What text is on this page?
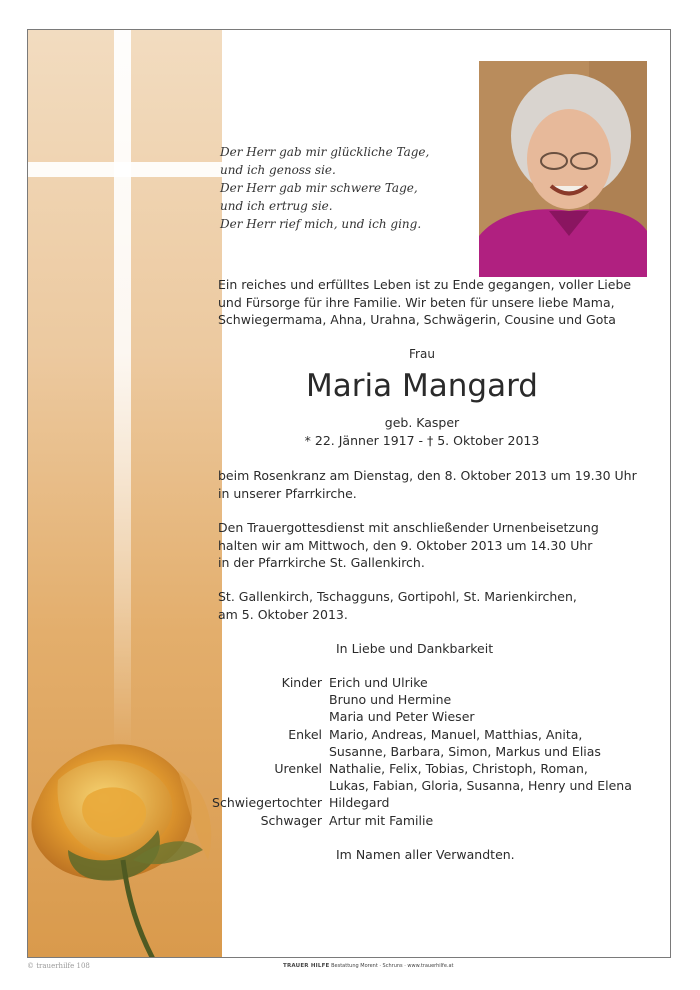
Der Herr gab mir glückliche Tage,
und ich genoss sie.
Der Herr gab mir schwere Tage,
und ich ertrug sie.
Der Herr rief mich, und ich ging.
Ein reiches und erfülltes Leben ist zu Ende gegangen, voller Liebe
und Fürsorge für ihre Familie. Wir beten für unsere liebe Mama,
Schwiegermama, Ahna, Urahna, Schwägerin, Cousine und Gota
Frau
Maria Mangard
geb. Kasper
* 22. Jänner 1917 - † 5. Oktober 2013
beim Rosenkranz am Dienstag, den 8. Oktober 2013 um 19.30 Uhr
in unserer Pfarrkirche.
Den Trauergottesdienst mit anschließender Urnenbeisetzung
halten wir am Mittwoch, den 9. Oktober 2013 um 14.30 Uhr
in der Pfarrkirche St. Gallenkirch.
St. Gallenkirch, Tschagguns, Gortipohl, St. Marienkirchen,
am 5. Oktober 2013.
In Liebe und Dankbarkeit
Kinder Erich und Ulrike
Bruno und Hermine
Maria und Peter Wieser
Enkel Mario, Andreas, Manuel, Matthias, Anita,
Susanne, Barbara, Simon, Markus und Elias
Urenkel Nathalie, Felix, Tobias, Christoph, Roman,
Lukas, Fabian, Gloria, Susanna, Henry und Elena
Schwiegertochter Hildegard
Schwager Artur mit Familie
Im Namen aller Verwandten.
© trauerhilfe 108	TRAUER HILFE Bestattung Morent · Schruns · www.trauerhilfe.at
